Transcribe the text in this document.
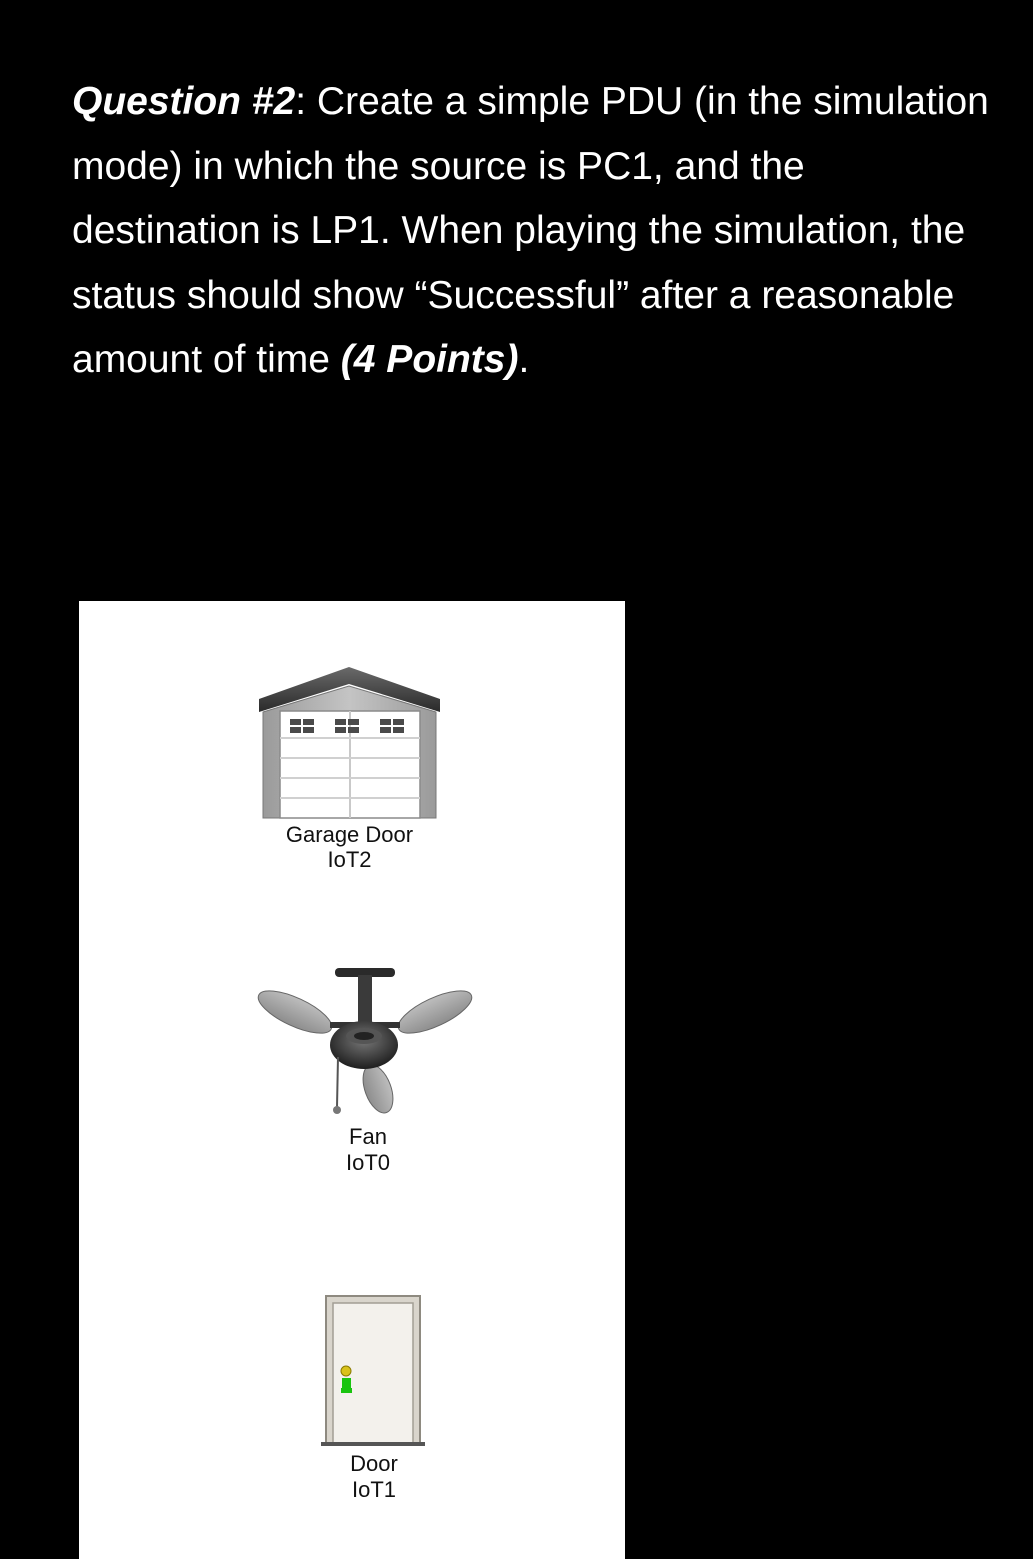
Question #2: Create a simple PDU (in the simulation mode) in which the source is PC1, and the destination is LP1. When playing the simulation, the status should show “Successful” after a reasonable amount of time (4 Points).

Garage Door
IoT2
Fan
IoT0
Door
IoT1
